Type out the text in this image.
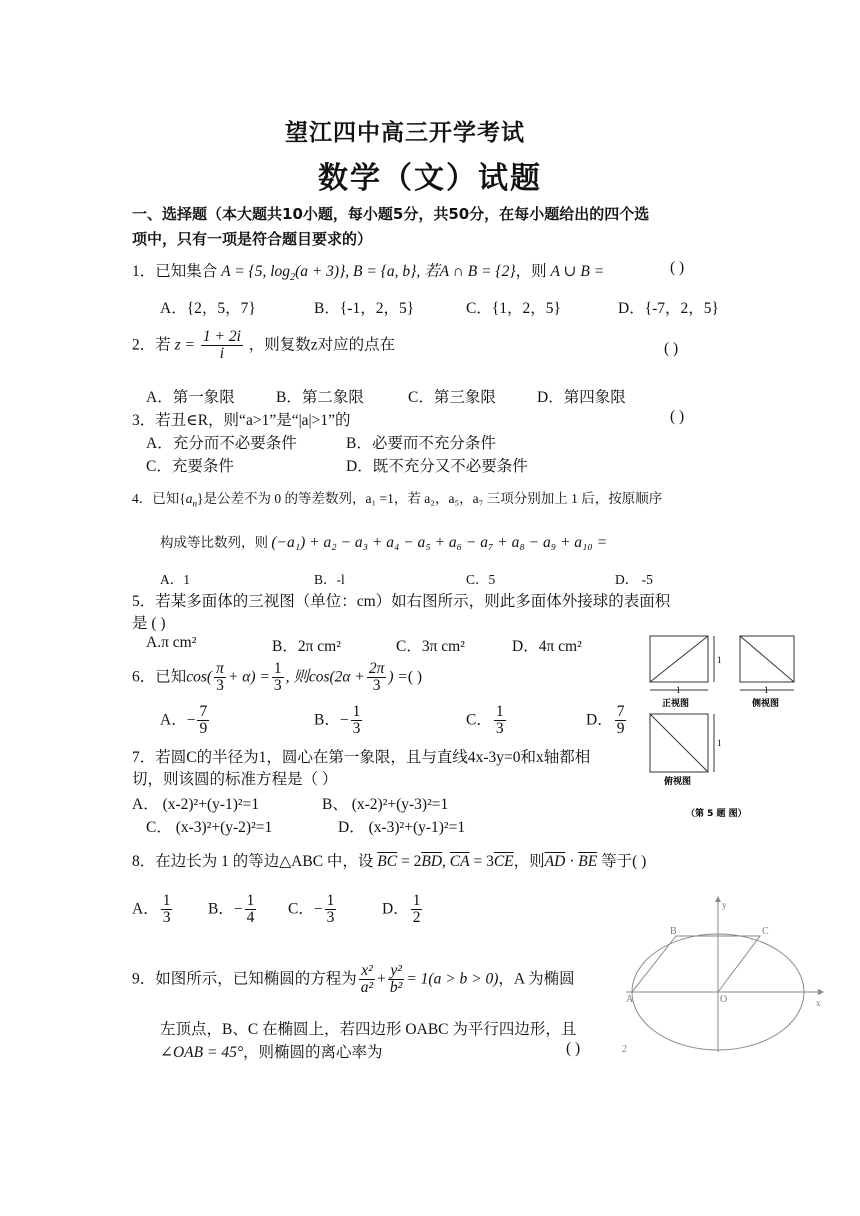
望江四中高三开学考试
数学（文）试题
一、选择题（本大题共10小题，每小题5分，共50分，在每小题给出的四个选
项中，只有一项是符合题目要求的）
1．已知集合 A = {5, $\log_2(a + 3)$}, B = {a, b}, 若A ∩ B = {2}，则 A ∪ B =	( )
A．{2，5，7}	B．{-1，2，5}	C．{1，2，5}	D．{-7，2，5}
2．若 $z = \frac{1 + 2i}{i}$ ，则复数z对应的点在	( )
A．第一象限	B．第二象限	C．第三象限	D．第四象限
3．若丑∈R，则“a>1”是“|a|>1”的	( )
A．充分而不必要条件	B．必要而不充分条件
C．充要条件	D．既不充分又不必要条件
4．已知$\{a_n\}$是公差不为 0 的等差数列，a₁ =1，若 a₂，a₅，a₇ 三项分别加上 1 后，按原顺序
构成等比数列，则 (−a₁) + a₂ − a₃ + a₄ − a₅ + a₆ − a₇ + a₈ − a₉ + a₁₀ =
A．1	B．-l	C．5	D． -5
5．若某多面体的三视图（单位：cm）如右图所示，则此多面体外接球的表面积
是 ( )
A.π cm²	B．2π cm²	C．3π cm²	D．4π cm²
1
1	1
1
正视图	侧视图
俯视图
（第 5 题 图）
6．已知$\cos( \frac{\pi}{3} + \alpha) = \frac{1}{3}$ , 则$\cos(2\alpha + \frac{2\pi}{3}$ ) =( )
A．− $\frac{7}{9}$	B．− $\frac{1}{3}$	C． $\frac{1}{3}$	D． $\frac{7}{9}$
7．若圆C的半径为1，圆心在第一象限，且与直线4x-3y=0和x轴都相
切，则该圆的标准方程是（ ）
A． (x-2)²+(y-1)²=1	B、 (x-2)²+(y-3)²=1
C． (x-3)²+(y-2)²=1	D． (x-3)²+(y-1)²=1
8．在边长为 1 的等边△ABC 中，设 $\overline{BC} = 2\overline{BD}$, $\overline{CA} = 3\overline{CE}$，则$\overline{AD} \cdot \overline{BE}$ 等于( )
A． $\frac{1}{3}$ B．− $\frac{1}{4}$ C．− $\frac{1}{3}$	D． $\frac{1}{2}$
A
B	C
O	x
y
9．如图所示，已知椭圆的方程为 $\frac{\text{x²}}{\text{a²}} + \frac{\text{y²}}{\text{b²}} = 1(a > b > 0)$，A 为椭圆
左顶点，B、C 在椭圆上，若四边形 OABC 为平行四边形，且
∠OAB = 45°，则椭圆的离心率为	( )	2
